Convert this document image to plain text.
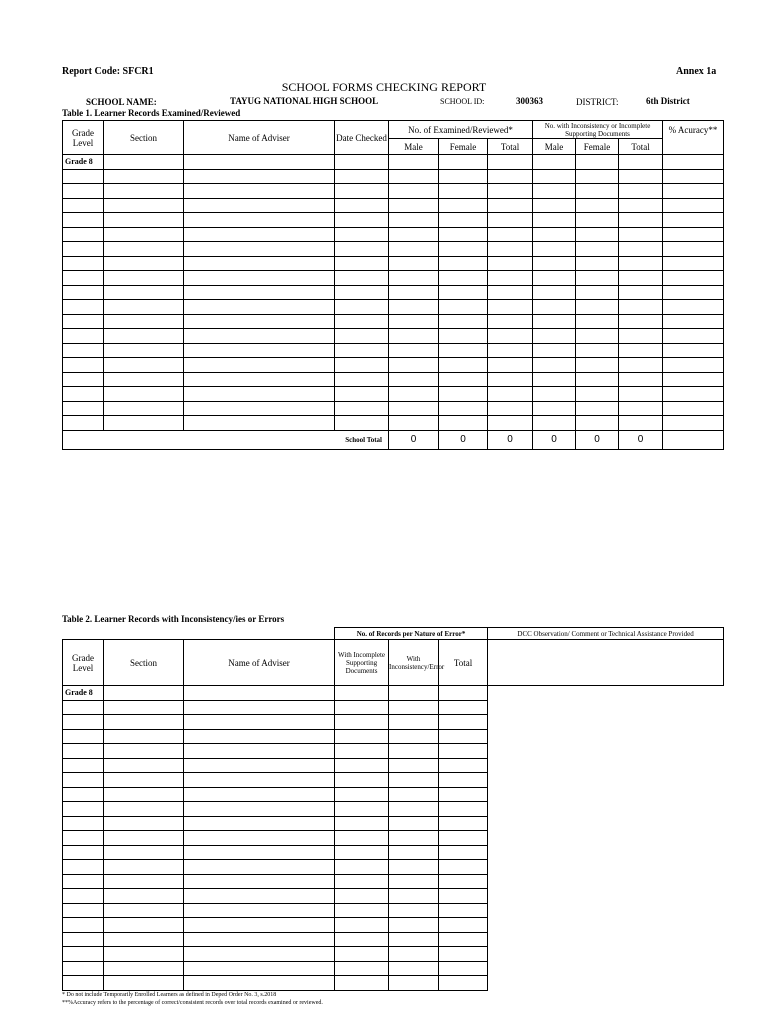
Report Code: SFCR1	Annex 1a
SCHOOL FORMS CHECKING REPORT
SCHOOL NAME:	TAYUG NATIONAL HIGH SCHOOL	SCHOOL ID:	300363	DISTRICT:	6th District
Table 1. Learner Records Examined/Reviewed
Grade Level	Section	Name of Adviser	Date Checked	No. of Examined/Reviewed*			No. with Inconsistency or Incomplete Supporting Documents			% Acuracy**
				Male	Female	Total	Male	Female	Total	
Grade 8										

School Total				0	0	0	0	0	0	
Table 2. Learner Records with Inconsistency/ies or Errors
			No. of Records per Nature of Error*			DCC Observation/ Comment or Technical Assistance Provided
Grade Level	Section	Name of Adviser	With Incomplete Supporting Documents	With Inconsistency/Error	Total	
Grade 8						

* Do not include Temporarily Enrolled Learners as defined in Deped Order No. 3, s.2018
**%Accuracy refers to the percentage of correct/consistent records over total records examined or reviewed.
